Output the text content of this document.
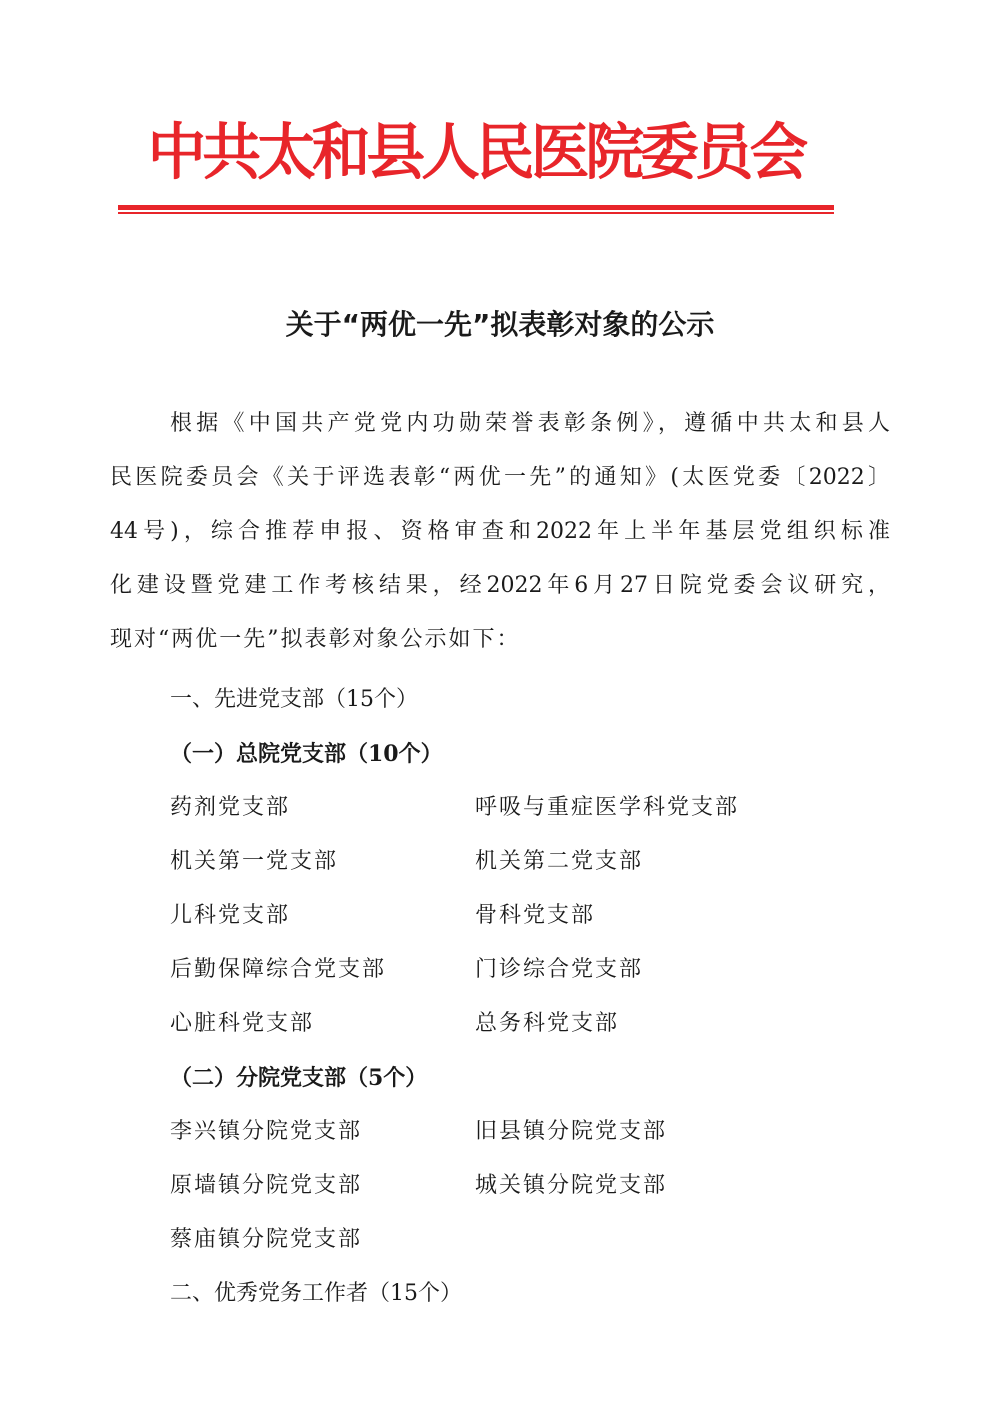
中共太和县人民医院委员会
关于“两优一先”拟表彰对象的公示
根据《中国共产党党内功勋荣誉表彰条例》，遵循中共太和县人
民医院委员会《关于评选表彰“两优一先”的通知》(太医党委〔2022〕
44号)，综合推荐申报、资格审查和2022年上半年基层党组织标准
化建设暨党建工作考核结果，经2022年6月27日院党委会议研究，
现对“两优一先”拟表彰对象公示如下：
一、先进党支部（15个）
（一）总院党支部（10个）
药剂党支部	呼吸与重症医学科党支部
机关第一党支部	机关第二党支部
儿科党支部	骨科党支部
后勤保障综合党支部	门诊综合党支部
心脏科党支部	总务科党支部
（二）分院党支部（5个）
李兴镇分院党支部	旧县镇分院党支部
原墙镇分院党支部	城关镇分院党支部
蔡庙镇分院党支部
二、优秀党务工作者（15个）
